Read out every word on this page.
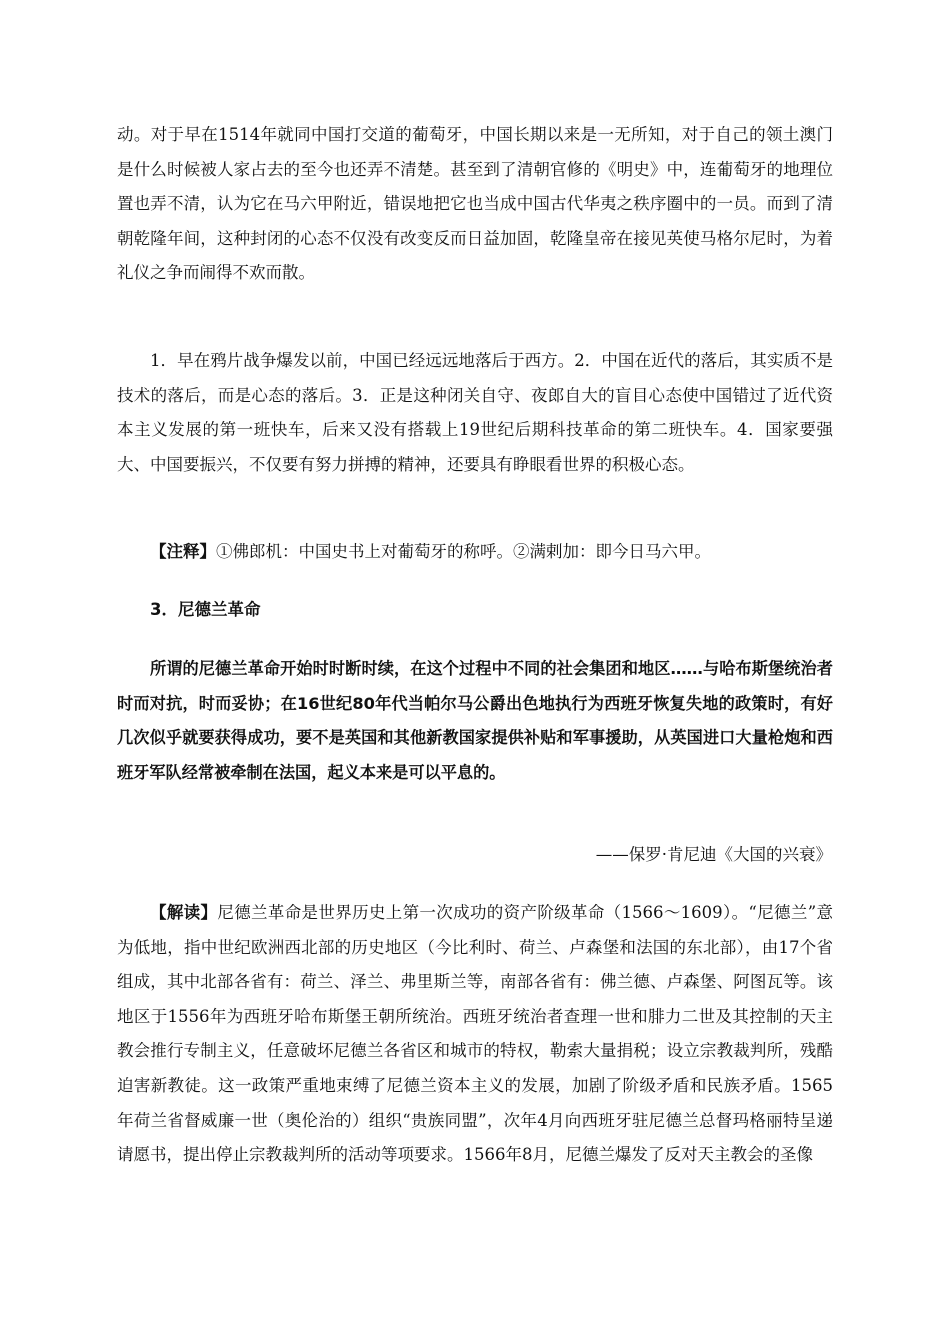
动。对于早在1514年就同中国打交道的葡萄牙，中国长期以来是一无所知，对于自己的领土澳门是什么时候被人家占去的至今也还弄不清楚。甚至到了清朝官修的《明史》中，连葡萄牙的地理位置也弄不清，认为它在马六甲附近，错误地把它也当成中国古代华夷之秩序圈中的一员。而到了清朝乾隆年间，这种封闭的心态不仅没有改变反而日益加固，乾隆皇帝在接见英使马格尔尼时，为着礼仪之争而闹得不欢而散。

1．早在鸦片战争爆发以前，中国已经远远地落后于西方。2．中国在近代的落后，其实质不是技术的落后，而是心态的落后。3．正是这种闭关自守、夜郎自大的盲目心态使中国错过了近代资本主义发展的第一班快车，后来又没有搭载上19世纪后期科技革命的第二班快车。4．国家要强大、中国要振兴，不仅要有努力拼搏的精神，还要具有睁眼看世界的积极心态。

【注释】①佛郎机：中国史书上对葡萄牙的称呼。②满剌加：即今日马六甲。

3．尼德兰革命

所谓的尼德兰革命开始时时断时续，在这个过程中不同的社会集团和地区……与哈布斯堡统治者时而对抗，时而妥协；在16世纪80年代当帕尔马公爵出色地执行为西班牙恢复失地的政策时，有好几次似乎就要获得成功，要不是英国和其他新教国家提供补贴和军事援助，从英国进口大量枪炮和西班牙军队经常被牵制在法国，起义本来是可以平息的。

——保罗·肯尼迪《大国的兴衰》

【解读】尼德兰革命是世界历史上第一次成功的资产阶级革命（1566～1609）。“尼德兰”意为低地，指中世纪欧洲西北部的历史地区（今比利时、荷兰、卢森堡和法国的东北部），由17个省组成，其中北部各省有：荷兰、泽兰、弗里斯兰等，南部各省有：佛兰德、卢森堡、阿图瓦等。该地区于1556年为西班牙哈布斯堡王朝所统治。西班牙统治者查理一世和腓力二世及其控制的天主教会推行专制主义，任意破坏尼德兰各省区和城市的特权，勒索大量捐税；设立宗教裁判所，残酷迫害新教徒。这一政策严重地束缚了尼德兰资本主义的发展，加剧了阶级矛盾和民族矛盾。1565年荷兰省督威廉一世（奥伦治的）组织“贵族同盟”，次年4月向西班牙驻尼德兰总督玛格丽特呈递请愿书，提出停止宗教裁判所的活动等项要求。1566年8月，尼德兰爆发了反对天主教会的圣像
